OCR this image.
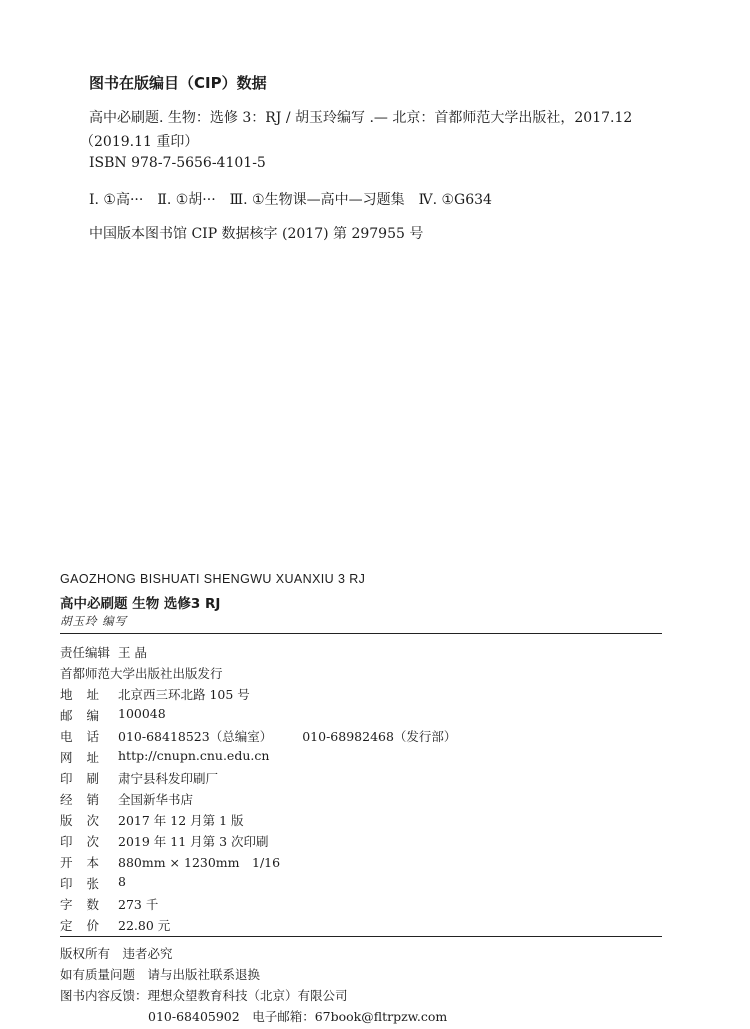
图书在版编目（CIP）数据
高中必刷题. 生物：选修 3：RJ / 胡玉玲编写 .— 北京：首都师范大学出版社，2017.12
（2019.11 重印）
ISBN 978-7-5656-4101-5
Ⅰ. ①高···　Ⅱ. ①胡···　Ⅲ. ①生物课—高中—习题集　Ⅳ. ①G634
中国版本图书馆 CIP 数据核字 (2017) 第 297955 号
GAOZHONG BISHUATI SHENGWU XUANXIU 3 RJ
高中必刷题 生物 选修3 RJ
胡玉玲 编写
责任编辑 王 晶
首都师范大学出版社出版发行
地址 北京西三环北路 105 号
邮编 100048
电话 010-68418523（总编室） 010-68982468（发行部）
网址 http://cnupn.cnu.edu.cn
印刷 肃宁县科发印刷厂
经销 全国新华书店
版次 2017 年 12 月第 1 版
印次 2019 年 11 月第 3 次印刷
开本 880mm × 1230mm　1/16
印张 8
字数 273 千
定价 22.80 元
版权所有　违者必究
如有质量问题　请与出版社联系退换
图书内容反馈：理想众望教育科技（北京）有限公司
010-68405902　电子邮箱：67book@fltrpzw.com
